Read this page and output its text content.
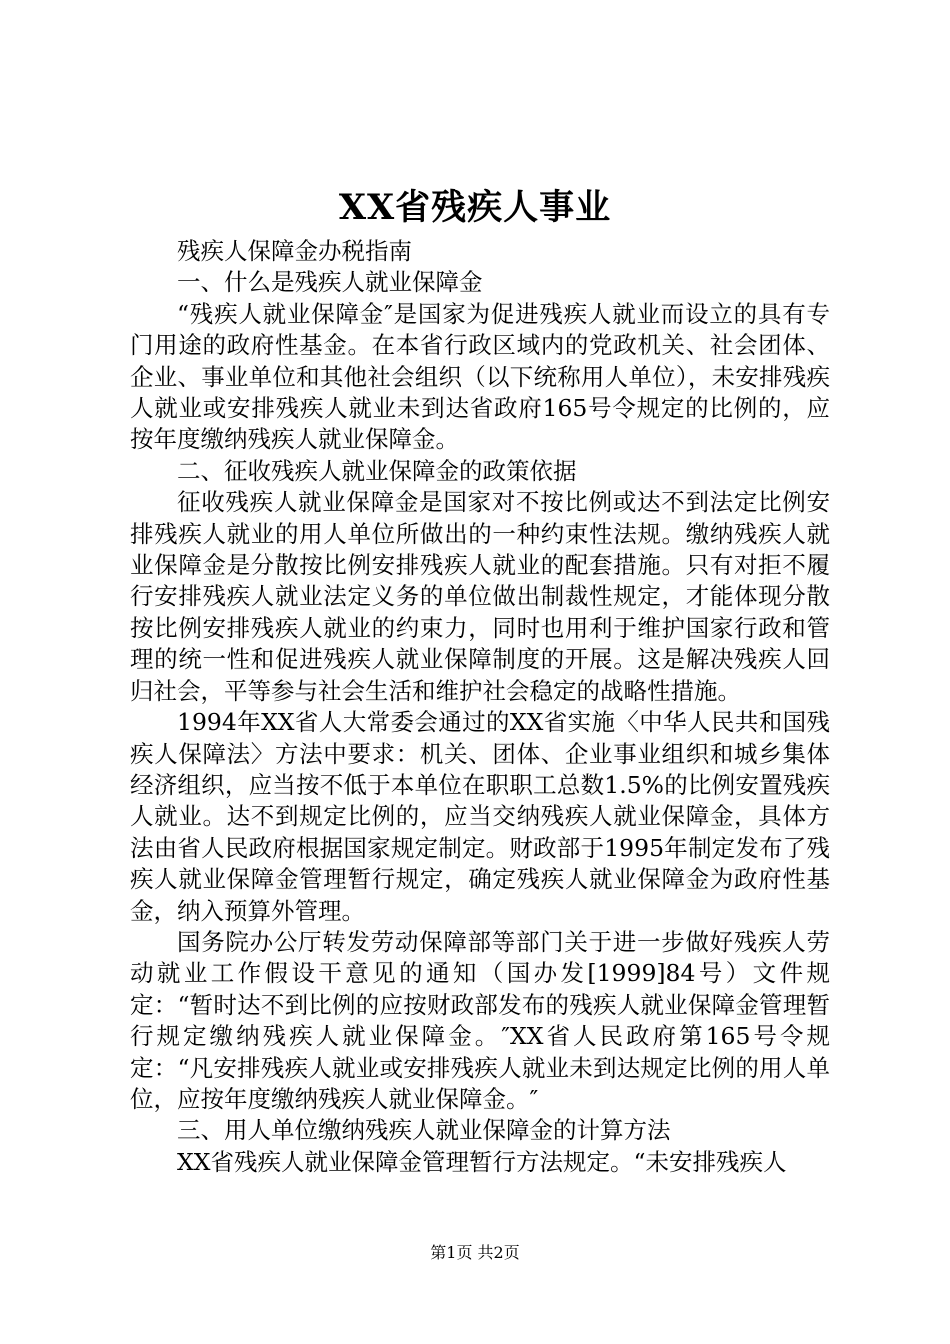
XX省残疾人事业

残疾人保障金办税指南

一、什么是残疾人就业保障金

“残疾人就业保障金″是国家为促进残疾人就业而设立的具有专门用途的政府性基金。在本省行政区域内的党政机关、社会团体、企业、事业单位和其他社会组织（以下统称用人单位），未安排残疾人就业或安排残疾人就业未到达省政府165号令规定的比例的，应按年度缴纳残疾人就业保障金。

二、征收残疾人就业保障金的政策依据

征收残疾人就业保障金是国家对不按比例或达不到法定比例安排残疾人就业的用人单位所做出的一种约束性法规。缴纳残疾人就业保障金是分散按比例安排残疾人就业的配套措施。只有对拒不履行安排残疾人就业法定义务的单位做出制裁性规定，才能体现分散按比例安排残疾人就业的约束力，同时也用利于维护国家行政和管理的统一性和促进残疾人就业保障制度的开展。这是解决残疾人回归社会，平等参与社会生活和维护社会稳定的战略性措施。

1994年XX省人大常委会通过的XX省实施〈中华人民共和国残疾人保障法〉方法中要求：机关、团体、企业事业组织和城乡集体经济组织，应当按不低于本单位在职职工总数1.5%的比例安置残疾人就业。达不到规定比例的，应当交纳残疾人就业保障金，具体方法由省人民政府根据国家规定制定。财政部于1995年制定发布了残疾人就业保障金管理暂行规定，确定残疾人就业保障金为政府性基金，纳入预算外管理。

国务院办公厅转发劳动保障部等部门关于进一步做好残疾人劳动就业工作假设干意见的通知（国办发[1999]84号）文件规定：“暂时达不到比例的应按财政部发布的残疾人就业保障金管理暂行规定缴纳残疾人就业保障金。″XX省人民政府第165号令规定：“凡安排残疾人就业或安排残疾人就业未到达规定比例的用人单位，应按年度缴纳残疾人就业保障金。″

三、用人单位缴纳残疾人就业保障金的计算方法

XX省残疾人就业保障金管理暂行方法规定。“未安排残疾人

第1页 共2页
